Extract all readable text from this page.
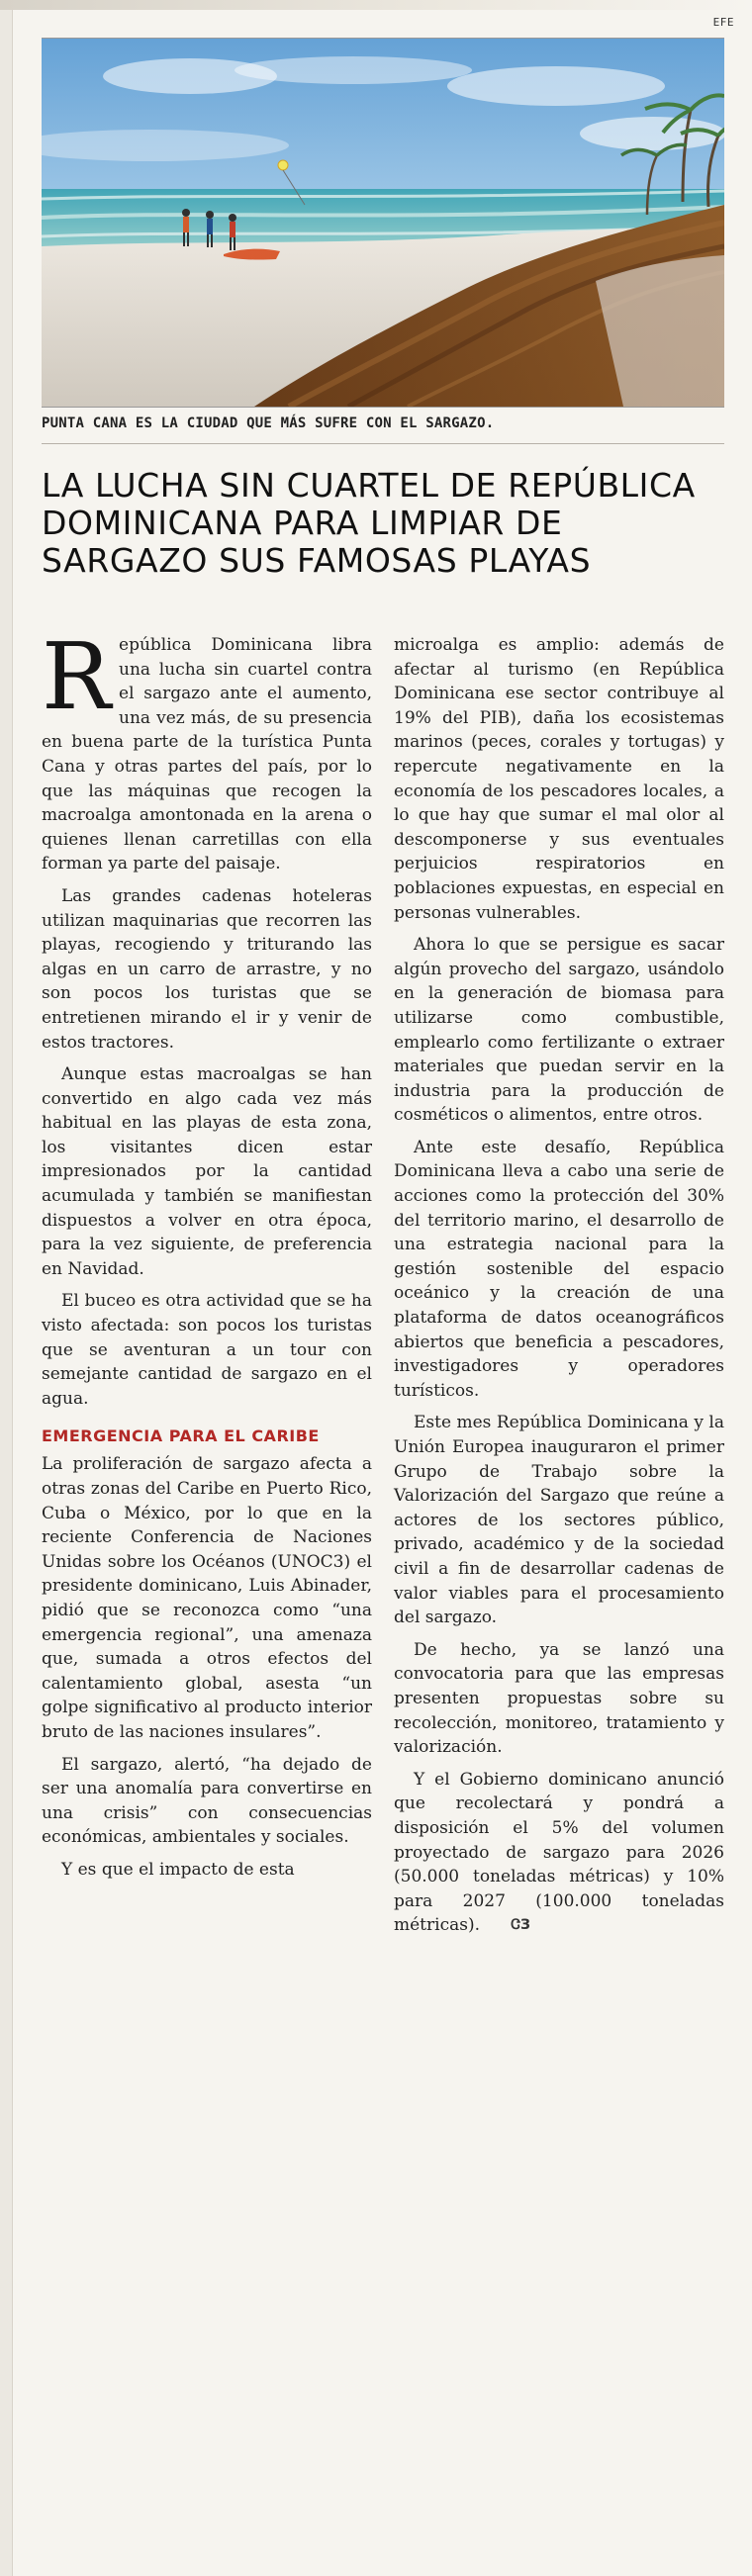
EFE
PUNTA CANA ES LA CIUDAD QUE MÁS SUFRE CON EL SARGAZO.
LA LUCHA SIN CUARTEL DE REPÚBLICA DOMINICANA PARA LIMPIAR DE SARGAZO SUS FAMOSAS PLAYAS

R epública Dominicana libra una lucha sin cuartel contra el sargazo ante el aumento, una vez más, de su presencia en buena parte de la turística Punta Cana y otras partes del país, por lo que las máquinas que recogen la macroalga amontonada en la arena o quienes llenan carretillas con ella forman ya parte del paisaje.

Las grandes cadenas hoteleras utilizan maquinarias que recorren las playas, recogiendo y triturando las algas en un carro de arrastre, y no son pocos los turistas que se entretienen mirando el ir y venir de estos tractores.

Aunque estas macroalgas se han convertido en algo cada vez más habitual en las playas de esta zona, los visitantes dicen estar impresionados por la cantidad acumulada y también se manifiestan dispuestos a volver en otra época, para la vez siguiente, de preferencia en Navidad.

El buceo es otra actividad que se ha visto afectada: son pocos los turistas que se aventuran a un tour con semejante cantidad de sargazo en el agua.

EMERGENCIA PARA EL CARIBE

La proliferación de sargazo afecta a otras zonas del Caribe en Puerto Rico, Cuba o México, por lo que en la reciente Conferencia de Naciones Unidas sobre los Océanos (UNOC3) el presidente dominicano, Luis Abinader, pidió que se reconozca como “una emergencia regional”, una amenaza que, sumada a otros efectos del calentamiento global, asesta “un golpe significativo al producto interior bruto de las naciones insulares”.

El sargazo, alertó, “ha dejado de ser una anomalía para convertirse en una crisis” con consecuencias económicas, ambientales y sociales.

Y es que el impacto de esta

microalga es amplio: además de afectar al turismo (en República Dominicana ese sector contribuye al 19% del PIB), daña los ecosistemas marinos (peces, corales y tortugas) y repercute negativamente en la economía de los pescadores locales, a lo que hay que sumar el mal olor al descomponerse y sus eventuales perjuicios respiratorios en poblaciones expuestas, en especial en personas vulnerables.

Ahora lo que se persigue es sacar algún provecho del sargazo, usándolo en la generación de biomasa para utilizarse como combustible, emplearlo como fertilizante o extraer materiales que puedan servir en la industria para la producción de cosméticos o alimentos, entre otros.

Ante este desafío, República Dominicana lleva a cabo una serie de acciones como la protección del 30% del territorio marino, el desarrollo de una estrategia nacional para la gestión sostenible del espacio oceánico y la creación de una plataforma de datos oceanográficos abiertos que beneficia a pescadores, investigadores y operadores turísticos.

Este mes República Dominicana y la Unión Europea inauguraron el primer Grupo de Trabajo sobre la Valorización del Sargazo que reúne a actores de los sectores público, privado, académico y de la sociedad civil a fin de desarrollar cadenas de valor viables para el procesamiento del sargazo.

De hecho, ya se lanzó una convocatoria para que las empresas presenten propuestas sobre su recolección, monitoreo, tratamiento y valorización.

Y el Gobierno dominicano anunció que recolectará y pondrá a disposición el 5% del volumen proyectado de sargazo para 2026 (50.000 toneladas métricas) y 10% para 2027 (100.000 toneladas métricas). ᏣЗ
